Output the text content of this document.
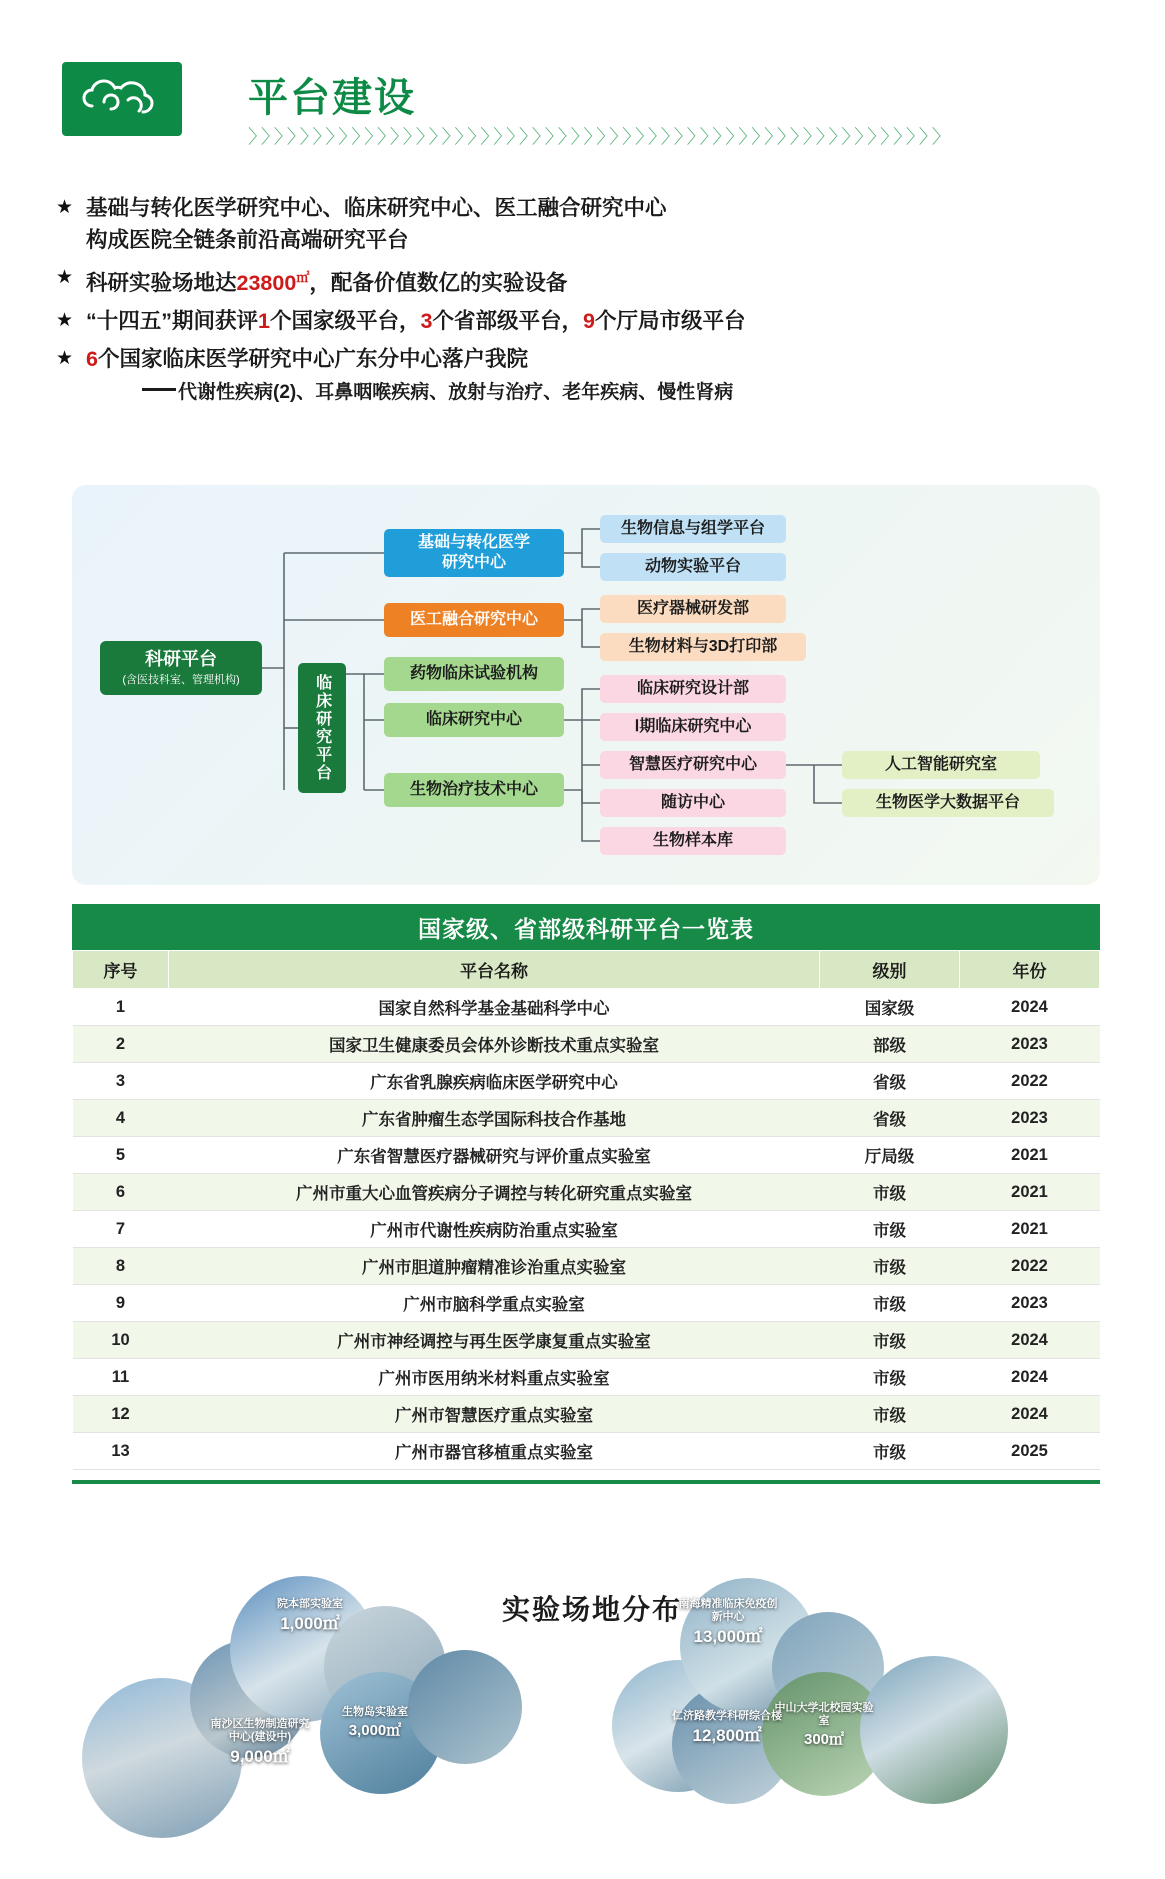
平台建设
〉〉〉〉〉〉〉〉〉〉〉〉〉〉〉〉〉〉〉〉〉〉〉〉〉〉〉〉〉〉〉〉〉〉〉〉〉〉〉〉〉〉〉〉〉〉〉〉〉〉〉〉〉〉
★ 基础与转化医学研究中心、临床研究中心、医工融合研究中心
构成医院全链条前沿高端研究平台
★ 科研实验场地达23800㎡，配备价值数亿的实验设备
★ “十四五”期间获评1个国家级平台，3个省部级平台，9个厅局市级平台
★ 6个国家临床医学研究中心广东分中心落户我院
代谢性疾病(2)、耳鼻咽喉疾病、放射与治疗、老年疾病、慢性肾病
科研平台
(含医技科室、管理机构)	临床研究平台
基础与转化医学
研究中心
医工融合研究中心
药物临床试验机构
临床研究中心
生物治疗技术中心
生物信息与组学平台
动物实验平台
医疗器械研发部
生物材料与3D打印部
临床研究设计部
Ⅰ期临床研究中心
智慧医疗研究中心
随访中心
生物样本库
人工智能研究室
生物医学大数据平台
国家级、省部级科研平台一览表
序号	平台名称	级别	年份
1	国家自然科学基金基础科学中心	国家级	2024
2	国家卫生健康委员会体外诊断技术重点实验室	部级	2023
3	广东省乳腺疾病临床医学研究中心	省级	2022
4	广东省肿瘤生态学国际科技合作基地	省级	2023
5	广东省智慧医疗器械研究与评价重点实验室	厅局级	2021
6	广州市重大心血管疾病分子调控与转化研究重点实验室	市级	2021
7	广州市代谢性疾病防治重点实验室	市级	2021
8	广州市胆道肿瘤精准诊治重点实验室	市级	2022
9	广州市脑科学重点实验室	市级	2023
10	广州市神经调控与再生医学康复重点实验室	市级	2024
11	广州市医用纳米材料重点实验室	市级	2024
12	广州市智慧医疗重点实验室	市级	2024
13	广州市器官移植重点实验室	市级	2025
实验场地分布
南沙区生物制造研究中心(建设中)
9,000㎡
院本部实验室
1,000㎡
生物岛实验室
3,000㎡
仁济路教学科研综合楼
12,800㎡
南海精准临床免疫创新中心
13,000㎡
中山大学北校园实验室
300㎡
